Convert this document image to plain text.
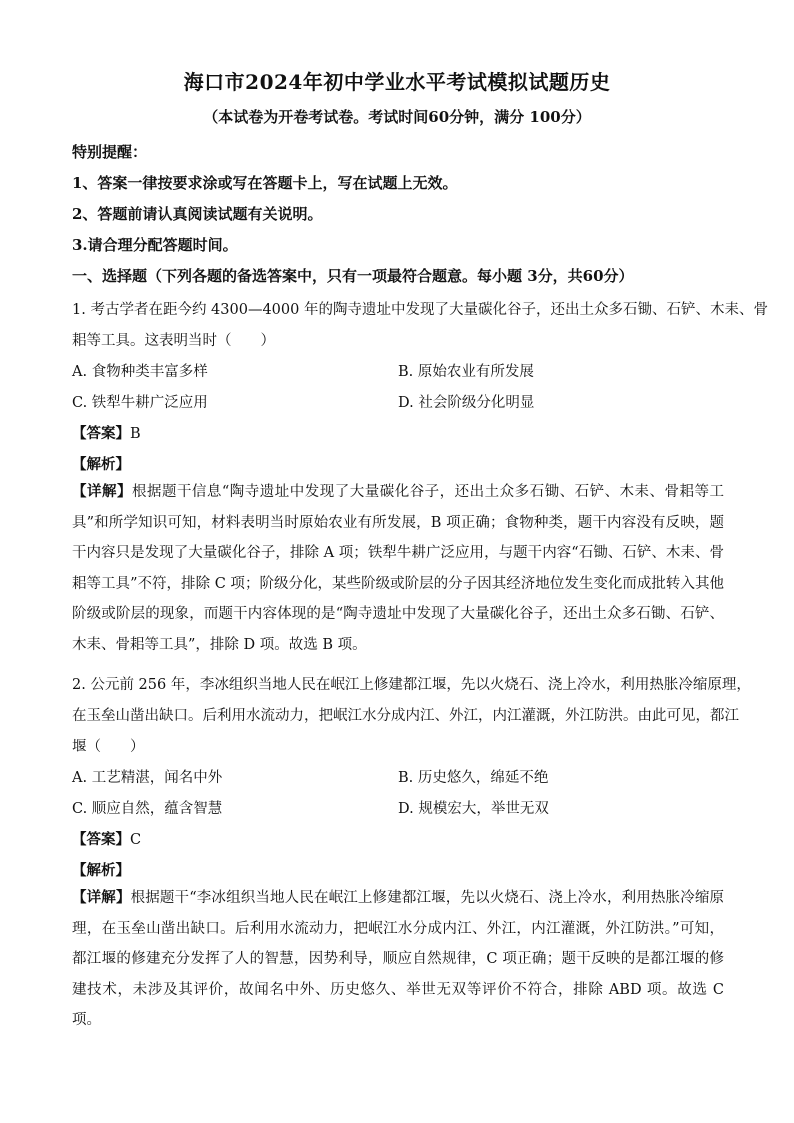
海口市2024年初中学业水平考试模拟试题历史
（本试卷为开卷考试卷。考试时间60分钟，满分 100分）
特别提醒：
1、答案一律按要求涂或写在答题卡上，写在试题上无效。
2、答题前请认真阅读试题有关说明。
3.请合理分配答题时间。
一、选择题（下列各题的备选答案中，只有一项最符合题意。每小题 3分，共60分）
1. 考古学者在距今约 4300—4000 年的陶寺遗址中发现了大量碳化谷子，还出土众多石锄、石铲、木耒、骨
耜等工具。这表明当时（　　）
A. 食物种类丰富多样	B. 原始农业有所发展
C. 铁犁牛耕广泛应用	D. 社会阶级分化明显
【答案】B
【解析】
【详解】根据题干信息“陶寺遗址中发现了大量碳化谷子，还出土众多石锄、石铲、木耒、骨耜等工具”和所学知识可知，材料表明当时原始农业有所发展，B 项正确；食物种类，题干内容没有反映，题干内容只是发现了大量碳化谷子，排除 A 项；铁犁牛耕广泛应用，与题干内容“石锄、石铲、木耒、骨耜等工具”不符，排除 C 项；阶级分化，某些阶级或阶层的分子因其经济地位发生变化而成批转入其他阶级或阶层的现象，而题干内容体现的是“陶寺遗址中发现了大量碳化谷子，还出土众多石锄、石铲、木耒、骨耜等工具”，排除 D 项。故选 B 项。
2. 公元前 256 年，李冰组织当地人民在岷江上修建都江堰，先以火烧石、浇上冷水，利用热胀冷缩原理，
在玉垒山凿出缺口。后利用水流动力，把岷江水分成内江、外江，内江灌溉，外江防洪。由此可见，都江
堰（　　）
A. 工艺精湛，闻名中外	B. 历史悠久，绵延不绝
C. 顺应自然，蕴含智慧	D. 规模宏大，举世无双
【答案】C
【解析】
【详解】根据题干“李冰组织当地人民在岷江上修建都江堰，先以火烧石、浇上冷水，利用热胀冷缩原理，在玉垒山凿出缺口。后利用水流动力，把岷江水分成内江、外江，内江灌溉，外江防洪。”可知，都江堰的修建充分发挥了人的智慧，因势利导，顺应自然规律，C 项正确；题干反映的是都江堰的修建技术，未涉及其评价，故闻名中外、历史悠久、举世无双等评价不符合，排除 ABD 项。故选 C 项。
